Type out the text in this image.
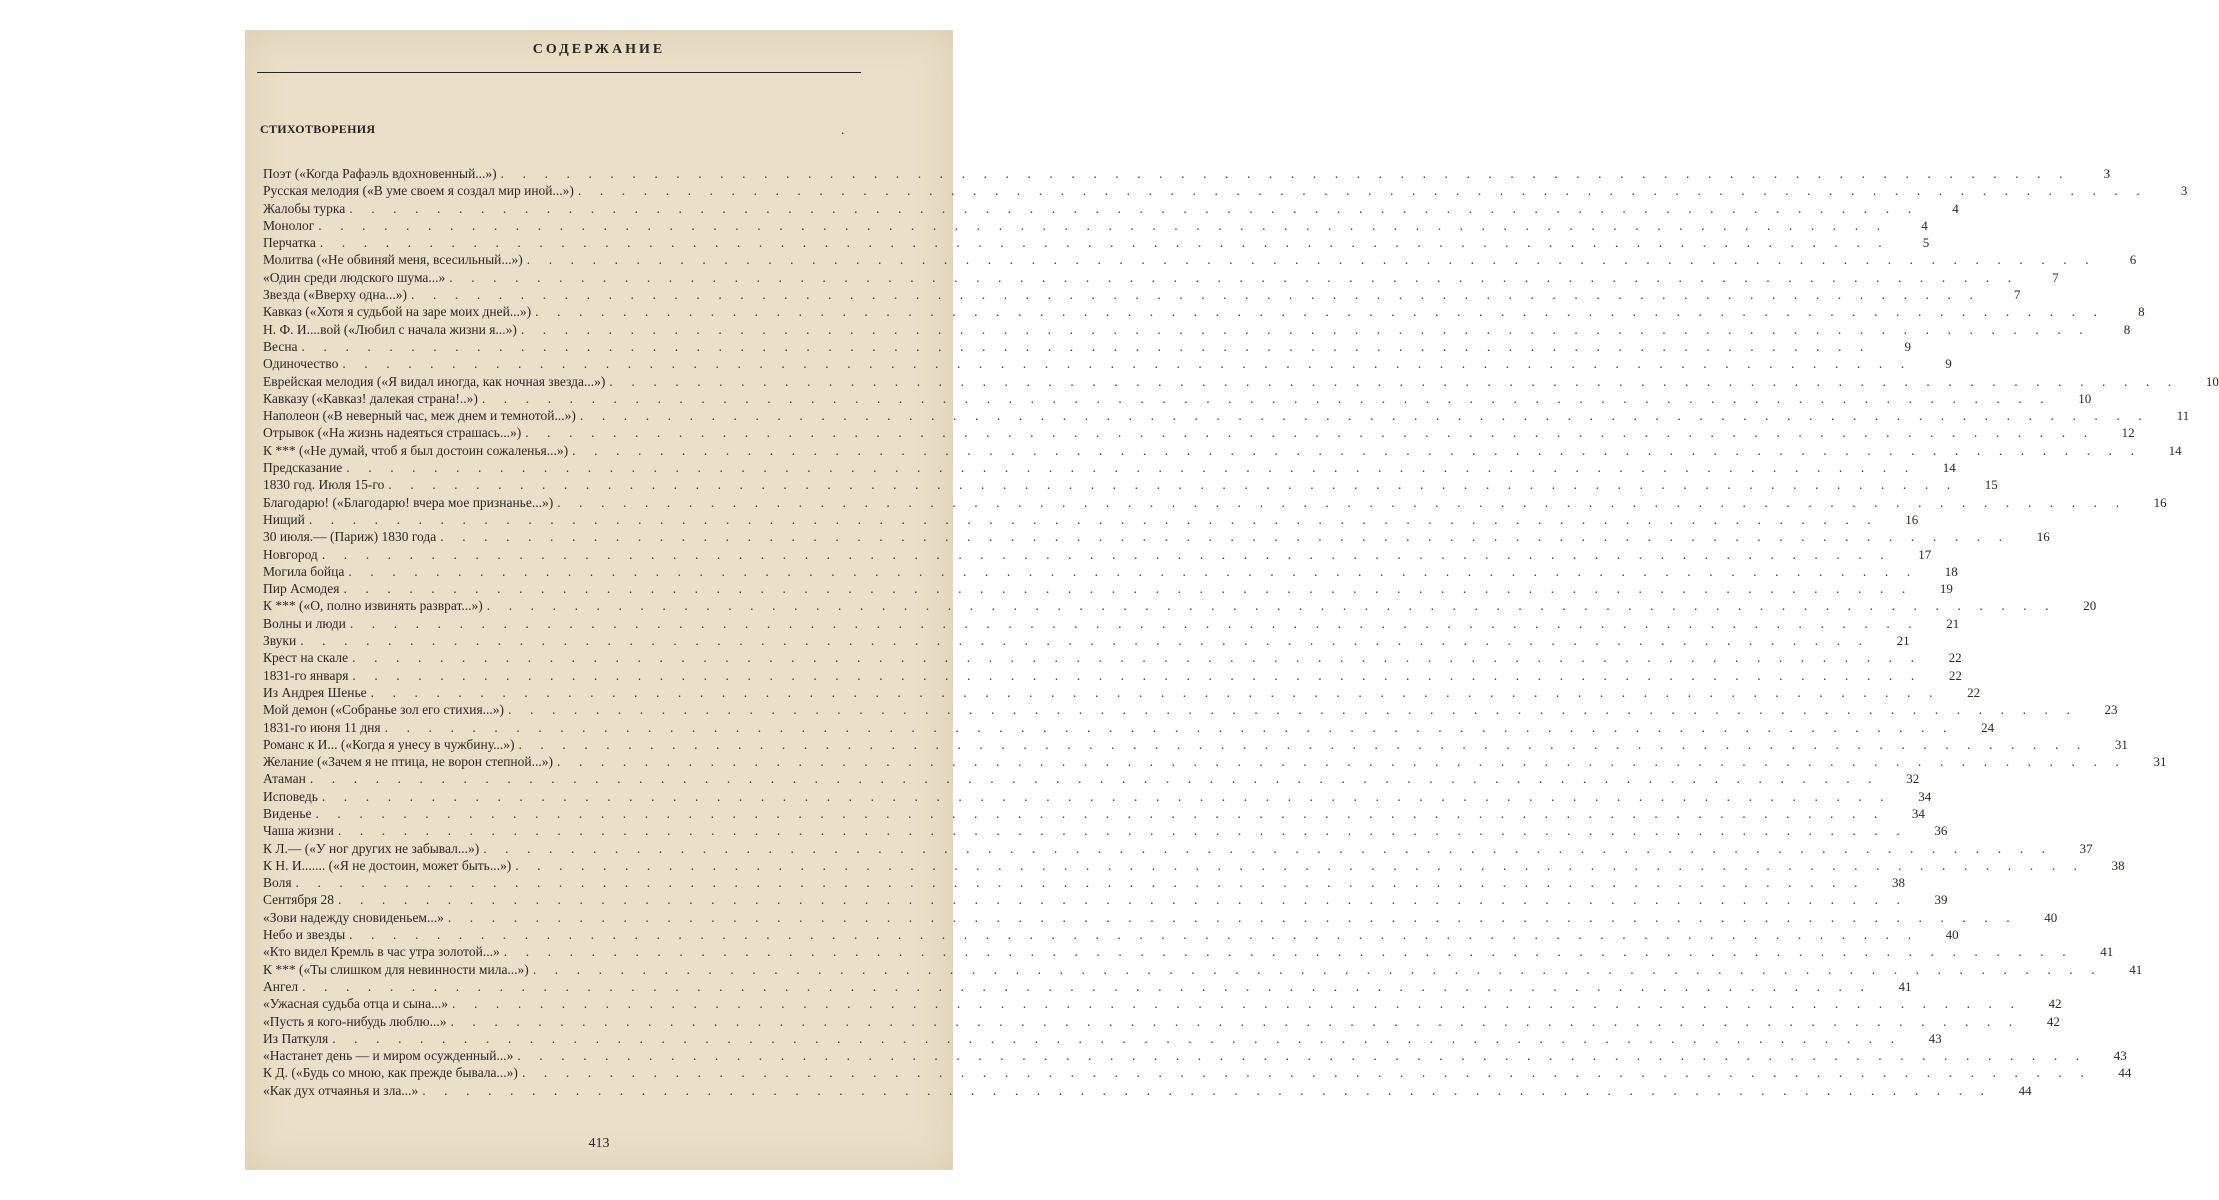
СОДЕРЖАНИЕ
СТИХОТВОРЕНИЯ	.
Поэт («Когда Рафаэль вдохновенный...») . . . . . . . . . . . . . . . . . . . . . . . . . . . . . . . . . . . . . . . . . . . . . . . . . . . . . . . . . . . . . . . . . . . . . . . .	3
Русская мелодия («В уме своем я создал мир иной...») . . . . . . . . . . . . . . . . . . . . . . . . . . . . . . . . . . . . . . . . . . . . . . . . . . . . . . . . . . . . . . . . . . . . . . . .	3
Жалобы турка . . . . . . . . . . . . . . . . . . . . . . . . . . . . . . . . . . . . . . . . . . . . . . . . . . . . . . . . . . . . . . . . . . . . . . . .	4
Монолог . . . . . . . . . . . . . . . . . . . . . . . . . . . . . . . . . . . . . . . . . . . . . . . . . . . . . . . . . . . . . . . . . . . . . . . .	4
Перчатка . . . . . . . . . . . . . . . . . . . . . . . . . . . . . . . . . . . . . . . . . . . . . . . . . . . . . . . . . . . . . . . . . . . . . . . .	5
Молитва («Не обвиняй меня, всесильный...») . . . . . . . . . . . . . . . . . . . . . . . . . . . . . . . . . . . . . . . . . . . . . . . . . . . . . . . . . . . . . . . . . . . . . . . .	6
«Один среди людского шума...» . . . . . . . . . . . . . . . . . . . . . . . . . . . . . . . . . . . . . . . . . . . . . . . . . . . . . . . . . . . . . . . . . . . . . . . .	7
Звезда («Вверху одна...») . . . . . . . . . . . . . . . . . . . . . . . . . . . . . . . . . . . . . . . . . . . . . . . . . . . . . . . . . . . . . . . . . . . . . . . .	7
Кавказ («Хотя я судьбой на заре моих дней...») . . . . . . . . . . . . . . . . . . . . . . . . . . . . . . . . . . . . . . . . . . . . . . . . . . . . . . . . . . . . . . . . . . . . . . . .	8
Н. Ф. И....вой («Любил с начала жизни я...») . . . . . . . . . . . . . . . . . . . . . . . . . . . . . . . . . . . . . . . . . . . . . . . . . . . . . . . . . . . . . . . . . . . . . . . .	8
Весна . . . . . . . . . . . . . . . . . . . . . . . . . . . . . . . . . . . . . . . . . . . . . . . . . . . . . . . . . . . . . . . . . . . . . . . .	9
Одиночество . . . . . . . . . . . . . . . . . . . . . . . . . . . . . . . . . . . . . . . . . . . . . . . . . . . . . . . . . . . . . . . . . . . . . . . .	9
Еврейская мелодия («Я видал иногда, как ночная звезда...») . . . . . . . . . . . . . . . . . . . . . . . . . . . . . . . . . . . . . . . . . . . . . . . . . . . . . . . . . . . . . . . . . . . . . . . .	10
Кавказу («Кавказ! далекая страна!..») . . . . . . . . . . . . . . . . . . . . . . . . . . . . . . . . . . . . . . . . . . . . . . . . . . . . . . . . . . . . . . . . . . . . . . . .	10
Наполеон («В неверный час, меж днем и темнотой...») . . . . . . . . . . . . . . . . . . . . . . . . . . . . . . . . . . . . . . . . . . . . . . . . . . . . . . . . . . . . . . . . . . . . . . . .	11
Отрывок («На жизнь надеяться страшась...») . . . . . . . . . . . . . . . . . . . . . . . . . . . . . . . . . . . . . . . . . . . . . . . . . . . . . . . . . . . . . . . . . . . . . . . .	12
К *** («Не думай, чтоб я был достоин сожаленья...») . . . . . . . . . . . . . . . . . . . . . . . . . . . . . . . . . . . . . . . . . . . . . . . . . . . . . . . . . . . . . . . . . . . . . . . .	14
Предсказание . . . . . . . . . . . . . . . . . . . . . . . . . . . . . . . . . . . . . . . . . . . . . . . . . . . . . . . . . . . . . . . . . . . . . . . .	14
1830 год. Июля 15-го . . . . . . . . . . . . . . . . . . . . . . . . . . . . . . . . . . . . . . . . . . . . . . . . . . . . . . . . . . . . . . . . . . . . . . . .	15
Благодарю! («Благодарю! вчера мое признанье...») . . . . . . . . . . . . . . . . . . . . . . . . . . . . . . . . . . . . . . . . . . . . . . . . . . . . . . . . . . . . . . . . . . . . . . . .	16
Нищий . . . . . . . . . . . . . . . . . . . . . . . . . . . . . . . . . . . . . . . . . . . . . . . . . . . . . . . . . . . . . . . . . . . . . . . .	16
30 июля.— (Париж) 1830 года . . . . . . . . . . . . . . . . . . . . . . . . . . . . . . . . . . . . . . . . . . . . . . . . . . . . . . . . . . . . . . . . . . . . . . . .	16
Новгород . . . . . . . . . . . . . . . . . . . . . . . . . . . . . . . . . . . . . . . . . . . . . . . . . . . . . . . . . . . . . . . . . . . . . . . .	17
Могила бойца . . . . . . . . . . . . . . . . . . . . . . . . . . . . . . . . . . . . . . . . . . . . . . . . . . . . . . . . . . . . . . . . . . . . . . . .	18
Пир Асмодея . . . . . . . . . . . . . . . . . . . . . . . . . . . . . . . . . . . . . . . . . . . . . . . . . . . . . . . . . . . . . . . . . . . . . . . .	19
К *** («О, полно извинять разврат...») . . . . . . . . . . . . . . . . . . . . . . . . . . . . . . . . . . . . . . . . . . . . . . . . . . . . . . . . . . . . . . . . . . . . . . . .	20
Волны и люди . . . . . . . . . . . . . . . . . . . . . . . . . . . . . . . . . . . . . . . . . . . . . . . . . . . . . . . . . . . . . . . . . . . . . . . .	21
Звуки . . . . . . . . . . . . . . . . . . . . . . . . . . . . . . . . . . . . . . . . . . . . . . . . . . . . . . . . . . . . . . . . . . . . . . . .	21
Крест на скале . . . . . . . . . . . . . . . . . . . . . . . . . . . . . . . . . . . . . . . . . . . . . . . . . . . . . . . . . . . . . . . . . . . . . . . .	22
1831-го января . . . . . . . . . . . . . . . . . . . . . . . . . . . . . . . . . . . . . . . . . . . . . . . . . . . . . . . . . . . . . . . . . . . . . . . .	22
Из Андрея Шенье . . . . . . . . . . . . . . . . . . . . . . . . . . . . . . . . . . . . . . . . . . . . . . . . . . . . . . . . . . . . . . . . . . . . . . . .	22
Мой демон («Собранье зол его стихия...») . . . . . . . . . . . . . . . . . . . . . . . . . . . . . . . . . . . . . . . . . . . . . . . . . . . . . . . . . . . . . . . . . . . . . . . .	23
1831-го июня 11 дня . . . . . . . . . . . . . . . . . . . . . . . . . . . . . . . . . . . . . . . . . . . . . . . . . . . . . . . . . . . . . . . . . . . . . . . .	24
Романс к И... («Когда я унесу в чужбину...») . . . . . . . . . . . . . . . . . . . . . . . . . . . . . . . . . . . . . . . . . . . . . . . . . . . . . . . . . . . . . . . . . . . . . . . .	31
Желание («Зачем я не птица, не ворон степной...») . . . . . . . . . . . . . . . . . . . . . . . . . . . . . . . . . . . . . . . . . . . . . . . . . . . . . . . . . . . . . . . . . . . . . . . .	31
Атаман . . . . . . . . . . . . . . . . . . . . . . . . . . . . . . . . . . . . . . . . . . . . . . . . . . . . . . . . . . . . . . . . . . . . . . . .	32
Исповедь . . . . . . . . . . . . . . . . . . . . . . . . . . . . . . . . . . . . . . . . . . . . . . . . . . . . . . . . . . . . . . . . . . . . . . . .	34
Виденье . . . . . . . . . . . . . . . . . . . . . . . . . . . . . . . . . . . . . . . . . . . . . . . . . . . . . . . . . . . . . . . . . . . . . . . .	34
Чаша жизни . . . . . . . . . . . . . . . . . . . . . . . . . . . . . . . . . . . . . . . . . . . . . . . . . . . . . . . . . . . . . . . . . . . . . . . .	36
К Л.— («У ног других не забывал...») . . . . . . . . . . . . . . . . . . . . . . . . . . . . . . . . . . . . . . . . . . . . . . . . . . . . . . . . . . . . . . . . . . . . . . . .	37
К Н. И....... («Я не достоин, может быть...») . . . . . . . . . . . . . . . . . . . . . . . . . . . . . . . . . . . . . . . . . . . . . . . . . . . . . . . . . . . . . . . . . . . . . . . .	38
Воля . . . . . . . . . . . . . . . . . . . . . . . . . . . . . . . . . . . . . . . . . . . . . . . . . . . . . . . . . . . . . . . . . . . . . . . .	38
Сентября 28 . . . . . . . . . . . . . . . . . . . . . . . . . . . . . . . . . . . . . . . . . . . . . . . . . . . . . . . . . . . . . . . . . . . . . . . .	39
«Зови надежду сновиденьем...» . . . . . . . . . . . . . . . . . . . . . . . . . . . . . . . . . . . . . . . . . . . . . . . . . . . . . . . . . . . . . . . . . . . . . . . .	40
Небо и звезды . . . . . . . . . . . . . . . . . . . . . . . . . . . . . . . . . . . . . . . . . . . . . . . . . . . . . . . . . . . . . . . . . . . . . . . .	40
«Кто видел Кремль в час утра золотой...» . . . . . . . . . . . . . . . . . . . . . . . . . . . . . . . . . . . . . . . . . . . . . . . . . . . . . . . . . . . . . . . . . . . . . . . .	41
К *** («Ты слишком для невинности мила...») . . . . . . . . . . . . . . . . . . . . . . . . . . . . . . . . . . . . . . . . . . . . . . . . . . . . . . . . . . . . . . . . . . . . . . . .	41
Ангел . . . . . . . . . . . . . . . . . . . . . . . . . . . . . . . . . . . . . . . . . . . . . . . . . . . . . . . . . . . . . . . . . . . . . . . .	41
«Ужасная судьба отца и сына...» . . . . . . . . . . . . . . . . . . . . . . . . . . . . . . . . . . . . . . . . . . . . . . . . . . . . . . . . . . . . . . . . . . . . . . . .	42
«Пусть я кого-нибудь люблю...» . . . . . . . . . . . . . . . . . . . . . . . . . . . . . . . . . . . . . . . . . . . . . . . . . . . . . . . . . . . . . . . . . . . . . . . .	42
Из Паткуля . . . . . . . . . . . . . . . . . . . . . . . . . . . . . . . . . . . . . . . . . . . . . . . . . . . . . . . . . . . . . . . . . . . . . . . .	43
«Настанет день — и миром осужденный...» . . . . . . . . . . . . . . . . . . . . . . . . . . . . . . . . . . . . . . . . . . . . . . . . . . . . . . . . . . . . . . . . . . . . . . . .	43
К Д. («Будь со мною, как прежде бывала...») . . . . . . . . . . . . . . . . . . . . . . . . . . . . . . . . . . . . . . . . . . . . . . . . . . . . . . . . . . . . . . . . . . . . . . . .	44
«Как дух отчаянья и зла...» . . . . . . . . . . . . . . . . . . . . . . . . . . . . . . . . . . . . . . . . . . . . . . . . . . . . . . . . . . . . . . . . . . . . . . . .	44
413
